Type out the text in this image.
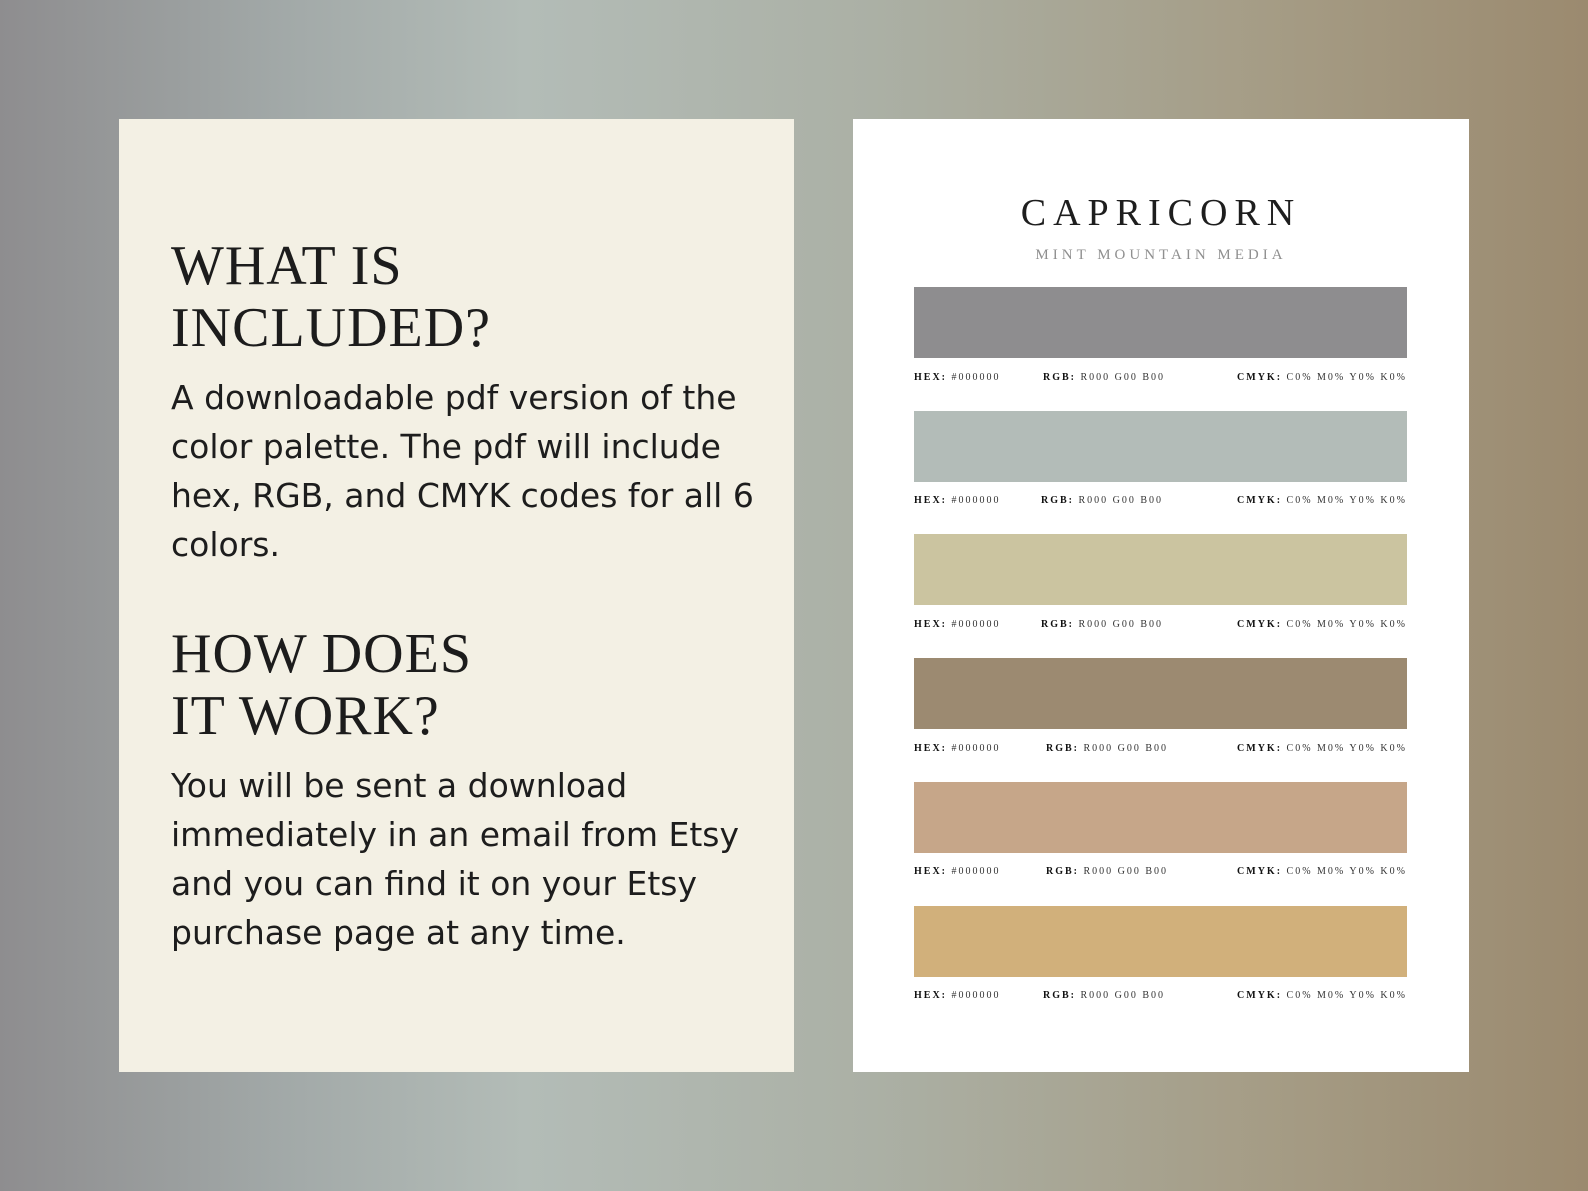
WHAT IS
INCLUDED?

A downloadable pdf version of the color palette. The pdf will include hex, RGB, and CMYK codes for all 6 colors.

HOW DOES
IT WORK?

You will be sent a download immediately in an email from Etsy and you can find it on your Etsy purchase page at any time.

CAPRICORN
MINT MOUNTAIN MEDIA
HEX: #000000	RGB: R000 G00 B00	CMYK: C0% M0% Y0% K0%
HEX: #000000	RGB: R000 G00 B00	CMYK: C0% M0% Y0% K0%
HEX: #000000	RGB: R000 G00 B00	CMYK: C0% M0% Y0% K0%
HEX: #000000	RGB: R000 G00 B00	CMYK: C0% M0% Y0% K0%
HEX: #000000	RGB: R000 G00 B00	CMYK: C0% M0% Y0% K0%
HEX: #000000	RGB: R000 G00 B00	CMYK: C0% M0% Y0% K0%
